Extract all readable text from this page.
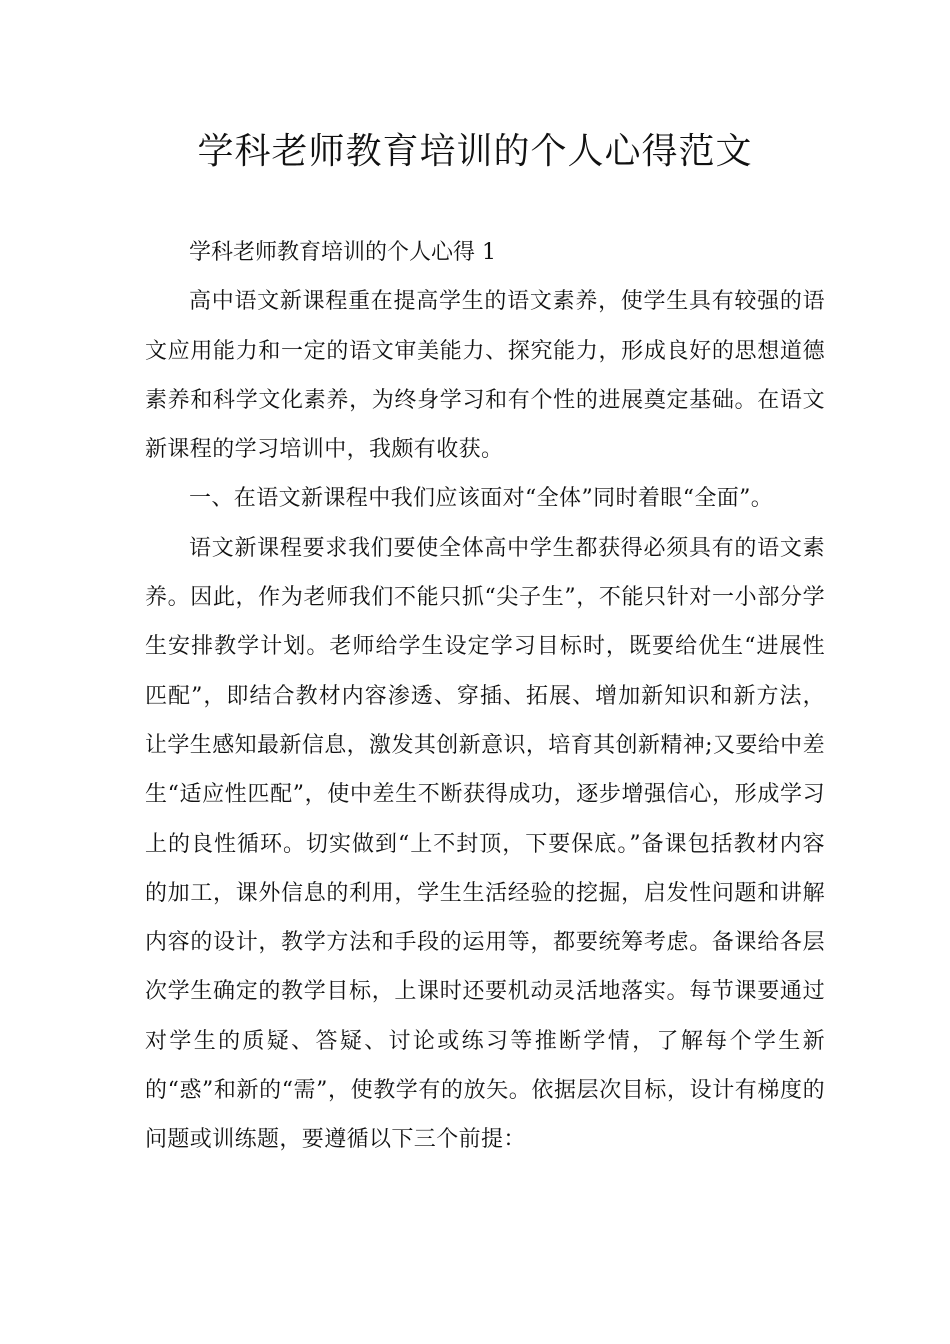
学科老师教育培训的个人心得范文

学科老师教育培训的个人心得 1

高中语文新课程重在提高学生的语文素养，使学生具有较强的语文应用能力和一定的语文审美能力、探究能力，形成良好的思想道德素养和科学文化素养，为终身学习和有个性的进展奠定基础。在语文新课程的学习培训中，我颇有收获。

一、在语文新课程中我们应该面对“全体”同时着眼“全面”。

语文新课程要求我们要使全体高中学生都获得必须具有的语文素养。因此，作为老师我们不能只抓“尖子生”，不能只针对一小部分学生安排教学计划。老师给学生设定学习目标时，既要给优生“进展性匹配”，即结合教材内容渗透、穿插、拓展、增加新知识和新方法，让学生感知最新信息，激发其创新意识，培育其创新精神;又要给中差生“适应性匹配”，使中差生不断获得成功，逐步增强信心，形成学习上的良性循环。切实做到“上不封顶，下要保底。”备课包括教材内容的加工，课外信息的利用，学生生活经验的挖掘，启发性问题和讲解内容的设计，教学方法和手段的运用等，都要统筹考虑。备课给各层次学生确定的教学目标，上课时还要机动灵活地落实。每节课要通过对学生的质疑、答疑、讨论或练习等推断学情，了解每个学生新的“惑”和新的“需”，使教学有的放矢。依据层次目标，设计有梯度的问题或训练题，要遵循以下三个前提：
